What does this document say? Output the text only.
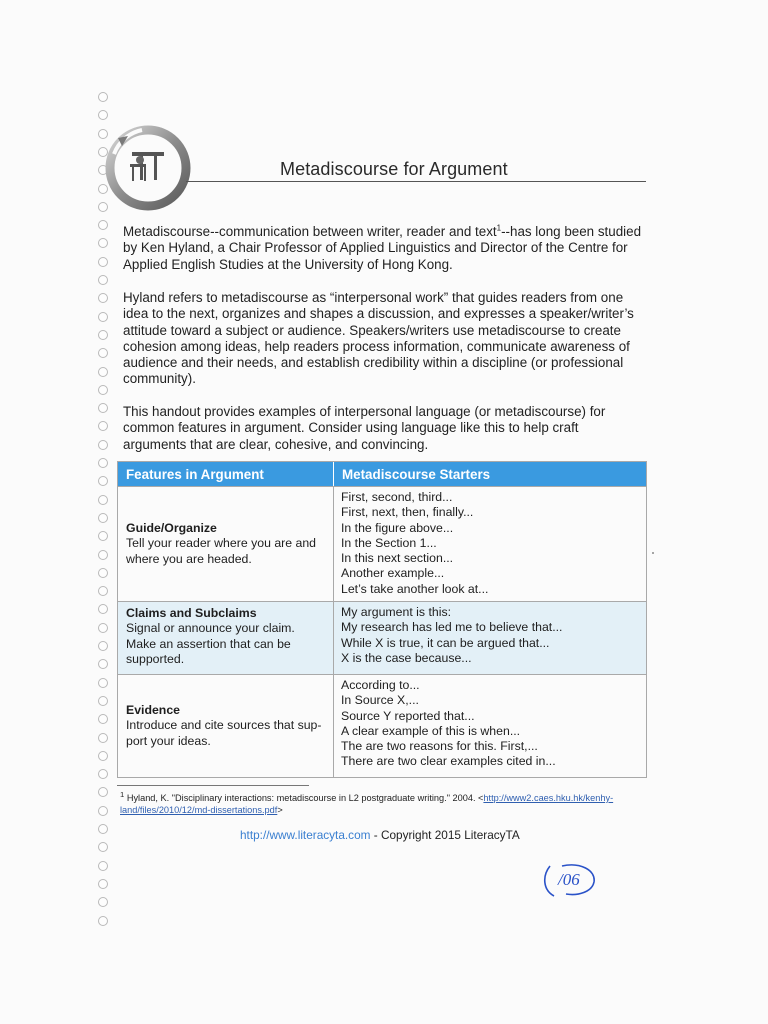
Metadiscourse for Argument
Metadiscourse--communication between writer, reader and text$^1$--has long been studied by Ken Hyland, a Chair Professor of Applied Linguistics and Director of the Centre for Applied English Studies at the University of Hong Kong.
Hyland refers to metadiscourse as “interpersonal work” that guides readers from one idea to the next, organizes and shapes a discussion, and expresses a speaker/writer’s attitude toward a subject or audience. Speakers/writers use metadiscourse to create cohesion among ideas, help readers process information, communicate awareness of audience and their needs, and establish credibility within a discipline (or professional community).
This handout provides examples of interpersonal language (or metadiscourse) for common features in argument. Consider using language like this to help craft arguments that are clear, cohesive, and convincing.
Features in Argument	Metadiscourse Starters
Guide/Organize
Tell your reader where you are and where you are headed.
First, second, third...
First, next, then, finally...
In the figure above...
In the Section 1...
In this next section...
Another example...
Let’s take another look at...
Claims and Subclaims
Signal or announce your claim. Make an assertion that can be supported.
My argument is this:
My research has led me to believe that...
While X is true, it can be argued that...
X is the case because...
Evidence
Introduce and cite sources that sup-port your ideas.
According to...
In Source X,...
Source Y reported that...
A clear example of this is when...
The are two reasons for this. First,...
There are two clear examples cited in...
$^1$ Hyland, K. "Disciplinary interactions: metadiscourse in L2 postgraduate writing." 2004. <http://www2.caes.hku.hk/kenhy-land/files/2010/12/md-dissertations.pdf>
http://www.literacyta.com - Copyright 2015 LiteracyTA
/06
